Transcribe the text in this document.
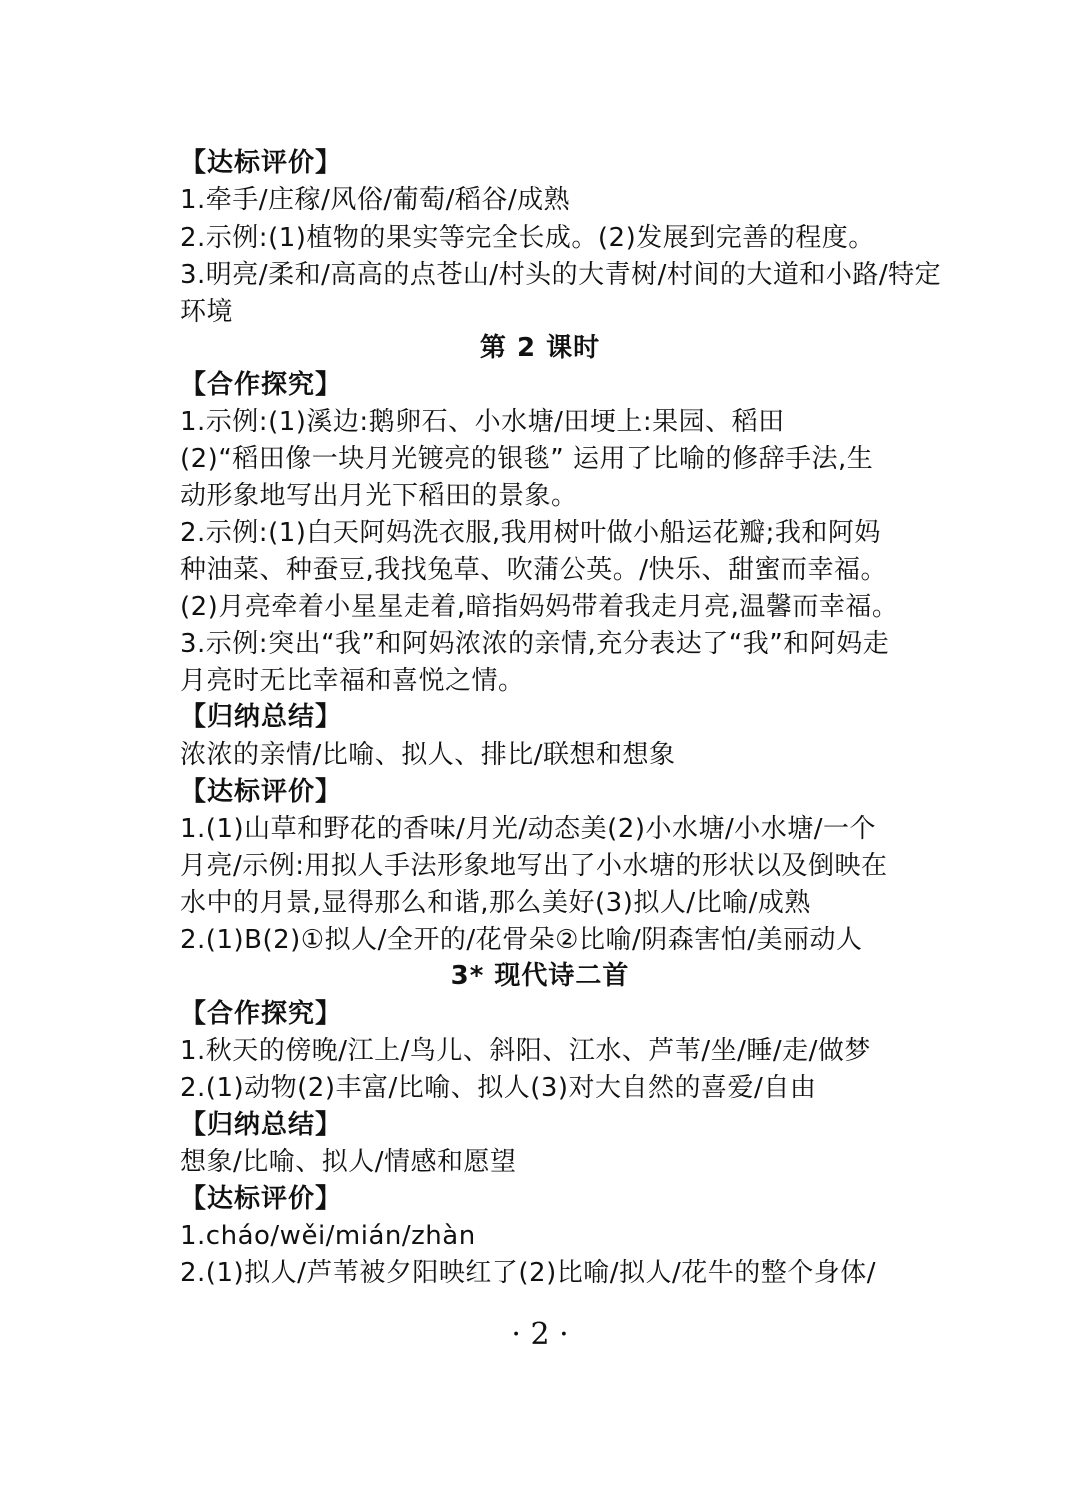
【达标评价】
1.牵手/庄稼/风俗/葡萄/稻谷/成熟
2.示例:(1)植物的果实等完全长成。(2)发展到完善的程度。
3.明亮/柔和/高高的点苍山/村头的大青树/村间的大道和小路/特定
环境
第 2 课时
【合作探究】
1.示例:(1)溪边:鹅卵石、小水塘/田埂上:果园、稻田
(2)“稻田像一块月光镀亮的银毯” 运用了比喻的修辞手法,生
动形象地写出月光下稻田的景象。
2.示例:(1)白天阿妈洗衣服,我用树叶做小船运花瓣;我和阿妈
种油菜、种蚕豆,我找兔草、吹蒲公英。/快乐、甜蜜而幸福。
(2)月亮牵着小星星走着,暗指妈妈带着我走月亮,温馨而幸福。
3.示例:突出“我”和阿妈浓浓的亲情,充分表达了“我”和阿妈走
月亮时无比幸福和喜悦之情。
【归纳总结】
浓浓的亲情/比喻、拟人、排比/联想和想象
【达标评价】
1.(1)山草和野花的香味/月光/动态美(2)小水塘/小水塘/一个
月亮/示例:用拟人手法形象地写出了小水塘的形状以及倒映在
水中的月景,显得那么和谐,那么美好(3)拟人/比喻/成熟
2.(1)B(2)①拟人/全开的/花骨朵②比喻/阴森害怕/美丽动人
3* 现代诗二首
【合作探究】
1.秋天的傍晚/江上/鸟儿、斜阳、江水、芦苇/坐/睡/走/做梦
2.(1)动物(2)丰富/比喻、拟人(3)对大自然的喜爱/自由
【归纳总结】
想象/比喻、拟人/情感和愿望
【达标评价】
1.cháo/wěi/mián/zhàn
2.(1)拟人/芦苇被夕阳映红了(2)比喻/拟人/花牛的整个身体/
· 2 ·
